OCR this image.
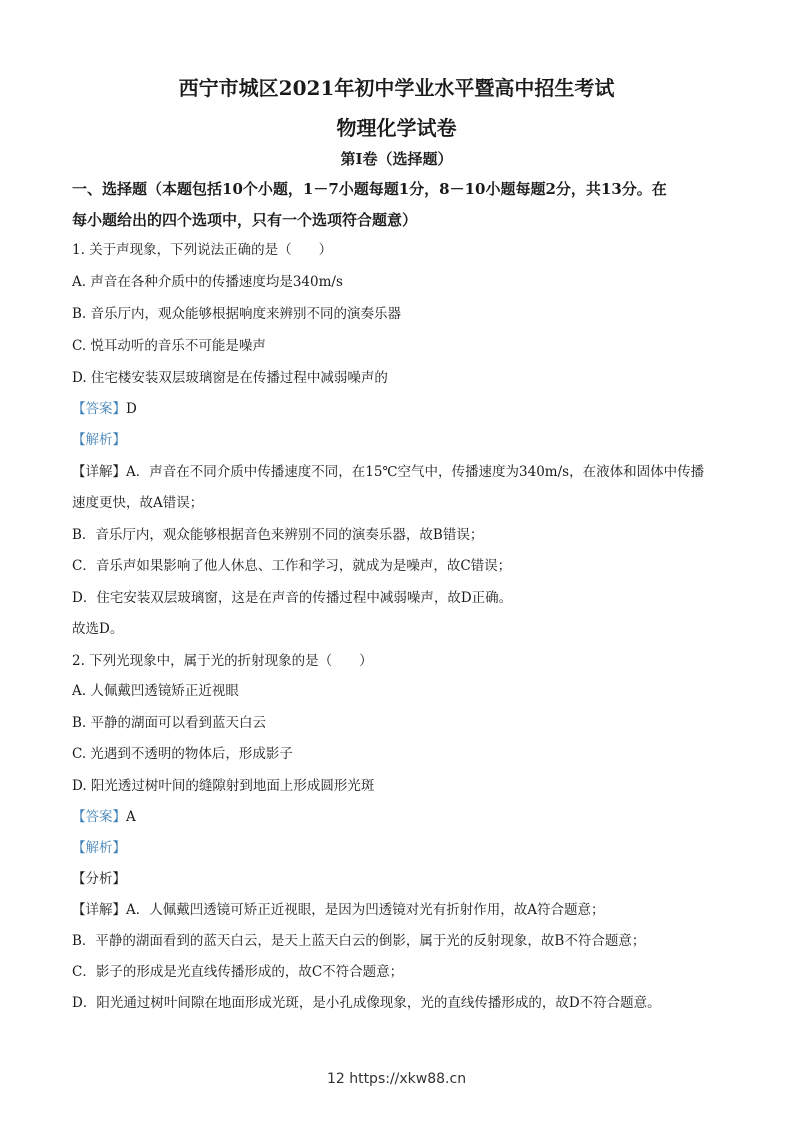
西宁市城区2021年初中学业水平暨高中招生考试
物理化学试卷
第Ⅰ卷（选择题）
一、选择题（本题包括10个小题，1－7小题每题1分，8－10小题每题2分，共13分。在
每小题给出的四个选项中，只有一个选项符合题意）
1. 关于声现象，下列说法正确的是（　　）
A. 声音在各种介质中的传播速度均是340m/s
B. 音乐厅内，观众能够根据响度来辨别不同的演奏乐器
C. 悦耳动听的音乐不可能是噪声
D. 住宅楼安装双层玻璃窗是在传播过程中减弱噪声的
【答案】D
【解析】
【详解】A．声音在不同介质中传播速度不同，在15℃空气中，传播速度为340m/s，在液体和固体中传播
速度更快，故A错误；
B．音乐厅内，观众能够根据音色来辨别不同的演奏乐器，故B错误；
C．音乐声如果影响了他人休息、工作和学习，就成为是噪声，故C错误；
D．住宅安装双层玻璃窗，这是在声音的传播过程中减弱噪声，故D正确。
故选D。
2. 下列光现象中，属于光的折射现象的是（　　）
A. 人佩戴凹透镜矫正近视眼
B. 平静的湖面可以看到蓝天白云
C. 光遇到不透明的物体后，形成影子
D. 阳光透过树叶间的缝隙射到地面上形成圆形光斑
【答案】A
【解析】
【分析】
【详解】A．人佩戴凹透镜可矫正近视眼，是因为凹透镜对光有折射作用，故A符合题意；
B．平静的湖面看到的蓝天白云，是天上蓝天白云的倒影，属于光的反射现象，故B不符合题意；
C．影子的形成是光直线传播形成的，故C不符合题意；
D．阳光通过树叶间隙在地面形成光斑，是小孔成像现象，光的直线传播形成的，故D不符合题意。
12 https://xkw88.cn
